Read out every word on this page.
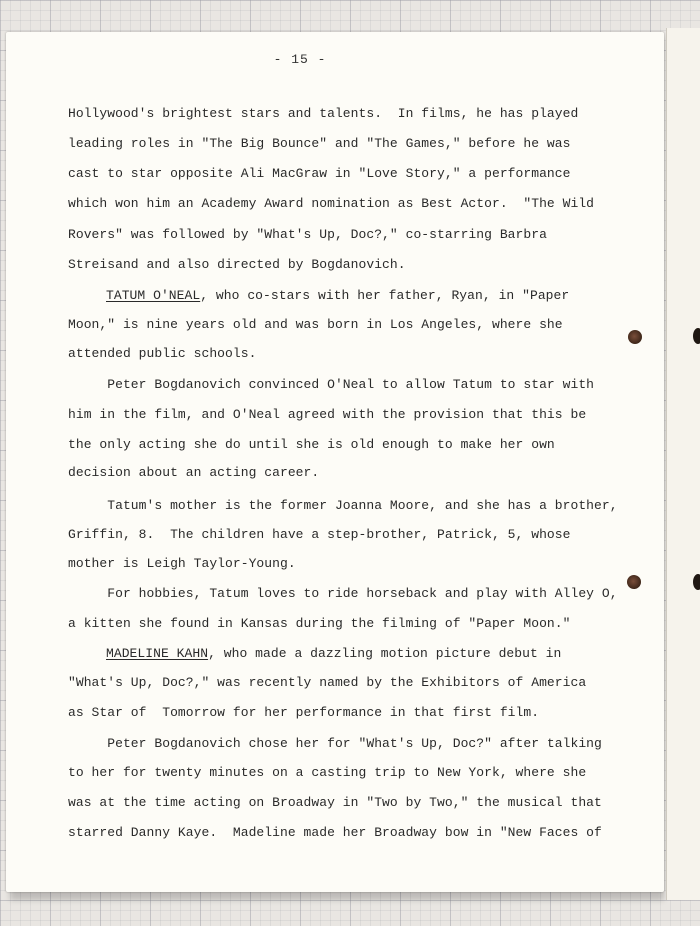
- 15 -
Hollywood's brightest stars and talents.  In films, he has played
leading roles in "The Big Bounce" and "The Games," before he was
cast to star opposite Ali MacGraw in "Love Story," a performance
which won him an Academy Award nomination as Best Actor.  "The Wild
Rovers" was followed by "What's Up, Doc?," co-starring Barbra
Streisand and also directed by Bogdanovich.
TATUM O'NEAL, who co-stars with her father, Ryan, in "Paper
Moon," is nine years old and was born in Los Angeles, where she
attended public schools.
Peter Bogdanovich convinced O'Neal to allow Tatum to star with
him in the film, and O'Neal agreed with the provision that this be
the only acting she do until she is old enough to make her own
decision about an acting career.
Tatum's mother is the former Joanna Moore, and she has a brother,
Griffin, 8.  The children have a step-brother, Patrick, 5, whose
mother is Leigh Taylor-Young.
For hobbies, Tatum loves to ride horseback and play with Alley O,
a kitten she found in Kansas during the filming of "Paper Moon."
MADELINE KAHN, who made a dazzling motion picture debut in
"What's Up, Doc?," was recently named by the Exhibitors of America
as Star of  Tomorrow for her performance in that first film.
Peter Bogdanovich chose her for "What's Up, Doc?" after talking
to her for twenty minutes on a casting trip to New York, where she
was at the time acting on Broadway in "Two by Two," the musical that
starred Danny Kaye.  Madeline made her Broadway bow in "New Faces of
